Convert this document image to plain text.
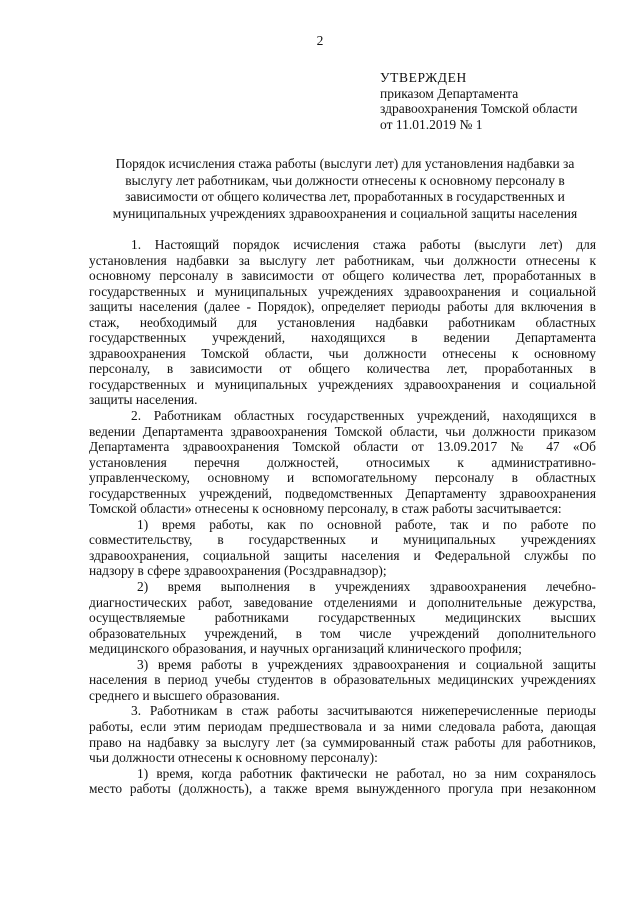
2
УТВЕРЖДЕН
приказом Департамента
здравоохранения Томской области
от 11.01.2019 № 1
Порядок исчисления стажа работы (выслуги лет) для установления надбавки за
выслугу лет работникам, чьи должности отнесены к основному персоналу в
зависимости от общего количества лет, проработанных в государственных и
муниципальных учреждениях здравоохранения и социальной защиты населения
1. Настоящий порядок исчисления стажа работы (выслуги лет) для
установления надбавки за выслугу лет работникам, чьи должности отнесены к
основному персоналу в зависимости от общего количества лет, проработанных в
государственных и муниципальных учреждениях здравоохранения и социальной
защиты населения (далее - Порядок), определяет периоды работы для включения в
стаж, необходимый для установления надбавки работникам областных
государственных учреждений, находящихся в ведении Департамента
здравоохранения Томской области, чьи должности отнесены к основному
персоналу, в зависимости от общего количества лет, проработанных в
государственных и муниципальных учреждениях здравоохранения и социальной
защиты населения.
2. Работникам областных государственных учреждений, находящихся в
ведении Департамента здравоохранения Томской области, чьи должности приказом
Департамента здравоохранения Томской области от 13.09.2017 № 47 «Об
установления перечня должностей, относимых к административно-
управленческому, основному и вспомогательному персоналу в областных
государственных учреждений, подведомственных Департаменту здравоохранения
Томской области» отнесены к основному персоналу, в стаж работы засчитывается:
1) время работы, как по основной работе, так и по работе по
совместительству, в государственных и муниципальных учреждениях
здравоохранения, социальной защиты населения и Федеральной службы по
надзору в сфере здравоохранения (Росздравнадзор);
2) время выполнения в учреждениях здравоохранения лечебно-
диагностических работ, заведование отделениями и дополнительные дежурства,
осуществляемые работниками государственных медицинских высших
образовательных учреждений, в том числе учреждений дополнительного
медицинского образования, и научных организаций клинического профиля;
3) время работы в учреждениях здравоохранения и социальной защиты
населения в период учебы студентов в образовательных медицинских учреждениях
среднего и высшего образования.
3. Работникам в стаж работы засчитываются нижеперечисленные периоды
работы, если этим периодам предшествовала и за ними следовала работа, дающая
право на надбавку за выслугу лет (за суммированный стаж работы для работников,
чьи должности отнесены к основному персоналу):
1) время, когда работник фактически не работал, но за ним сохранялось
место работы (должность), а также время вынужденного прогула при незаконном
